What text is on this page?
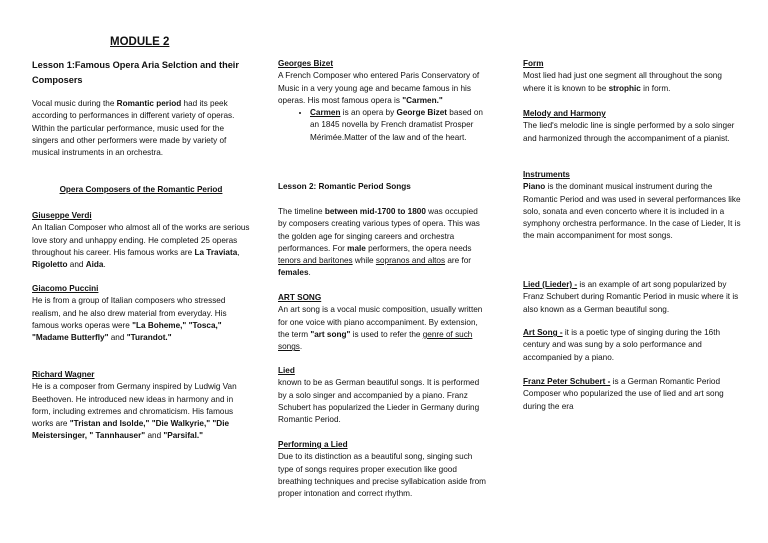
MODULE 2
Lesson 1:Famous Opera Aria Selction and their Composers

Vocal music during the Romantic period had its peek according to performances in different variety of operas. Within the particular performance, music used for the singers and other performers were made by variety of musical instruments in an orchestra.

Opera Composers of the Romantic Period

Giuseppe Verdi

An Italian Composer who almost all of the works are serious love story and unhappy ending. He completed 25 operas throughout his career. His famous works are La Traviata, Rigoletto and Aida.

Giacomo Puccini

He is from a group of Italian composers who stressed realism, and he also drew material from everyday. His famous works operas were "La Boheme," "Tosca," "Madame Butterfly" and "Turandot."

Richard Wagner

He is a composer from Germany inspired by Ludwig Van Beethoven. He introduced new ideas in harmony and in form, including extremes and chromaticism. His famous works are "Tristan and Isolde," "Die Walkyrie," "Die Meistersinger, " Tannhauser" and "Parsifal."

Georges Bizet

A French Composer who entered Paris Conservatory of Music in a very young age and became famous in his operas. His most famous opera is "Carmen."

• Carmen is an opera by George Bizet based on an 1845 novella by French dramatist Prosper Mérimée.Matter of the law and of the heart.

Lesson 2: Romantic Period Songs

The timeline between mid-1700 to 1800 was occupied by composers creating various types of opera. This was the golden age for singing careers and orchestra performances. For male performers, the opera needs tenors and baritones while sopranos and altos are for females.

ART SONG

An art song is a vocal music composition, usually written for one voice with piano accompaniment. By extension, the term "art song" is used to refer the genre of such songs.

Lied

known to be as German beautiful songs. It is performed by a solo singer and accompanied by a piano. Franz Schubert has popularized the Lieder in Germany during Romantic Period.

Performing a Lied

Due to its distinction as a beautiful song, singing such type of songs requires proper execution like good breathing techniques and precise syllabication aside from proper intonation and correct rhythm.

Form

Most lied had just one segment all throughout the song where it is known to be strophic in form.

Melody and Harmony

The lied's melodic line is single performed by a solo singer and harmonized through the accompaniment of a pianist.

Instruments

Piano is the dominant musical instrument during the Romantic Period and was used in several performances like solo, sonata and even concerto where it is included in a symphony orchestra performance. In the case of Lieder, It is the main accompaniment for most songs.

Lied (Lieder) - is an example of art song popularized by Franz Schubert during Romantic Period in music where it is also known as a German beautiful song.

Art Song - it is a poetic type of singing during the 16th century and was sung by a solo performance and accompanied by a piano.

Franz Peter Schubert - is a German Romantic Period Composer who popularized the use of lied and art song during the era
